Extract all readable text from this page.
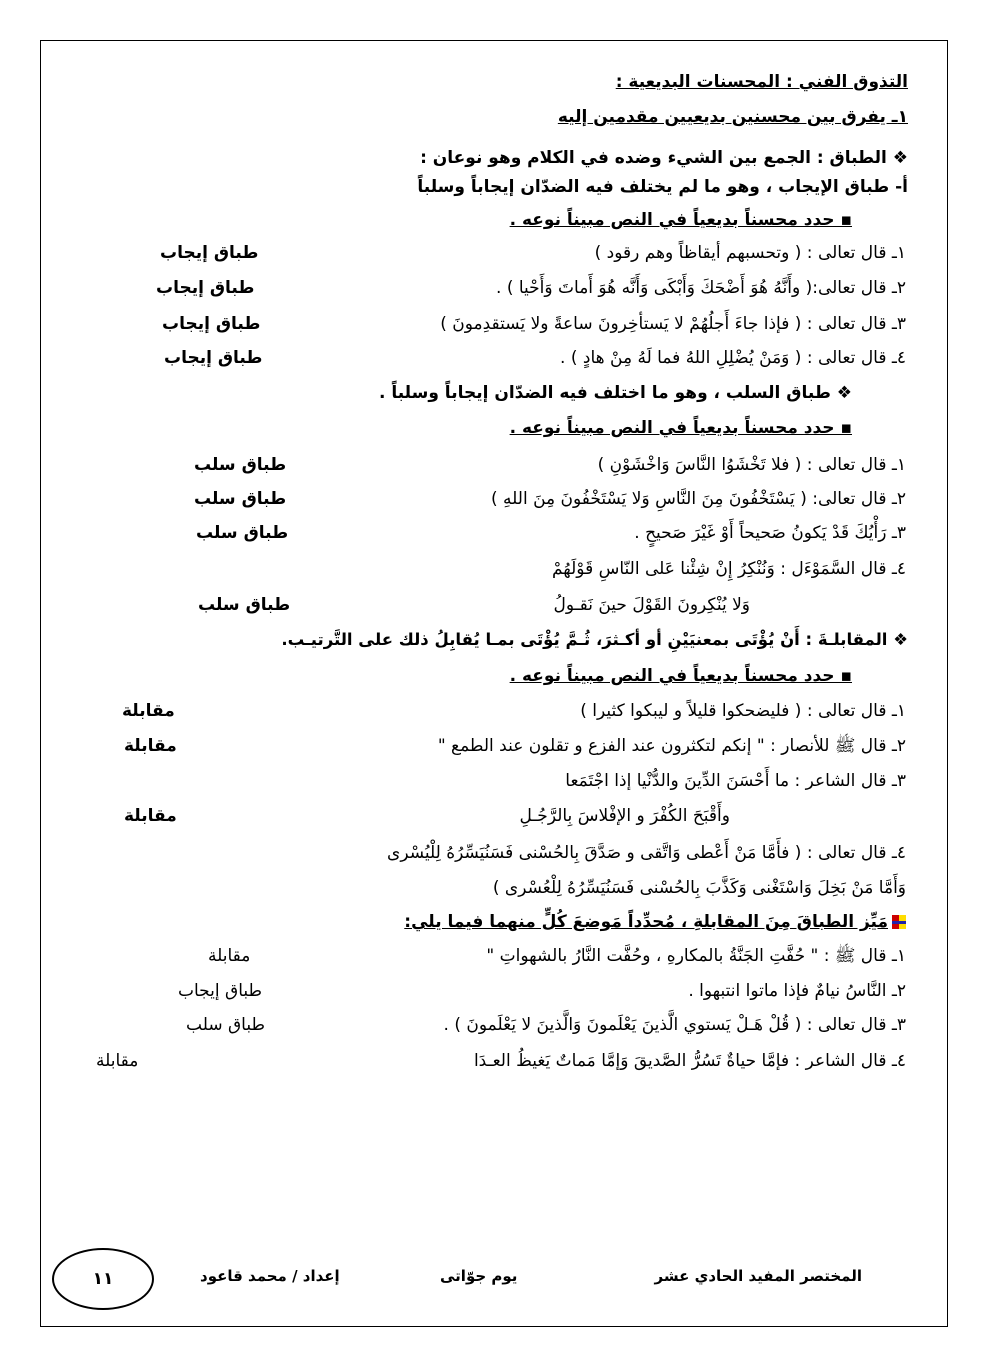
التذوق الفني : المحسنات البديعية :
١ـ يفرق بين محسنين بديعيين مقدمين إليه
❖ الطباق : الجمع بين الشيء وضده في الكلام وهو نوعان :
أ- طباق الإيجاب ، وهو ما لم يختلف فيه الضدّان إيجاباً وسلباً
▪ حدد محسناً بديعياً في النص مبيناً نوعه .
١ـ قال تعالى : ( وتحسبهم أيقاظاً وهم رقود )
طباق إيجاب
٢ـ قال تعالى:( وأَنَّهُ هُوَ أَضْحَكَ وَأَبْكَى وَأَنَّه هُوَ أَماتَ وَأَحْيا ) .
طباق إيجاب
٣ـ قال تعالى : ( فإذا جاءَ أَجلُهُمْ لا يَستأخِرونَ ساعةً ولا يَستقدِمونَ )
طباق إيجاب
٤ـ قال تعالى : ( وَمَنْ يُضْلِلِ اللهُ فما لَهُ مِنْ هادٍ ) .
طباق إيجاب
❖ طباق السلب ، وهو ما اختلف فيه الضدّان إيجاباً وسلباً .
▪ حدد محسناً بديعياً في النص مبيناً نوعه .
١ـ قال تعالى : ( فلا تَخْشَوُا النَّاسَ وَاخْشَوْنِ )
طباق سلب
٢ـ قال تعالى: ( يَسْتَخْفُونَ مِنَ النَّاسِ وَلا يَسْتَخْفُونَ مِنَ اللهِ )
طباق سلب
٣ـ رَأْيُكَ قَدْ يَكونُ صَحيحاً أَوْ غَيْرَ صَحيحٍ .
طباق سلب
٤ـ قال السَّمَوْءَل : وَنُنْكِرُ إِنْ شِئْنا عَلى النّاسِ قَوْلَهُمْ
وَلا يُنْكِرونَ القَوْلَ حينَ نَقـولُ
طباق سلب
❖ المقابلـةَ : أَنْ يُؤْتَى بمعنيَيْنِ أو أكـثرَ، ثُـمَّ يُؤْتَى بمـا يُقابِلُ ذلك على التَّرتيـب.
▪ حدد محسناً بديعياً في النص مبيناً نوعه .
١ـ قال تعالى : ( فليضحكوا قليلاً و ليبكوا كثيرا )
مقابلة
٢ـ قال ﷺ للأنصار : " إنكم لتكثرون عند الفزع و تقلون عند الطمع "
مقابلة
٣ـ قال الشاعر : ما أَحْسَنَ الدِّينَ والدُّنْيا إذا اجْتَمَعا
وأَقْبَحَ الكُفْرَ و الإفْلاسَ بِالرَّجُـلِ
مقابلة
٤ـ قال تعالى : ( فأَمَّا مَنْ أَعْطى وَاتَّقى و صَدَّقَ بِالحُسْنى فَسَنُيَسِّرُهُ لِلْيُسْرى
وَأَمَّا مَنْ بَخِلَ وَاسْتَغْنى وَكَذَّبَ بِالحُسْنى فَسَنُيَسِّرُهُ لِلْعُسْرى )
مَيِّز الطباقَ مِنَ المقابلةِ ، مُحدِّداً مَوضعَ كُلٍّ منهما فيما يلي:
١ـ قال ﷺ : " حُفَّتِ الجَنَّةُ بالمكارهِ ، وحُفَّت النَّارُ بالشهواتِ "
مقابلة
٢ـ النَّاسُ نيامٌ فإذا ماتوا انتبهوا .
طباق إيجاب
٣ـ قال تعالى : ( قُلْ هَـلْ يَستوي الَّذينَ يَعْلَمونَ وَالَّذينَ لا يَعْلَمونَ ) .
طباق سلب
٤ـ قال الشاعر : فإمَّا حياةٌ تَسُرُّ الصَّديقَ وَإمَّا مَماتٌ يَغيظُ العـدَا
مقابلة
المختصر المفيد الحادي عشر
يوم جوّاتى
إعداد / محمد قاعود
١١
